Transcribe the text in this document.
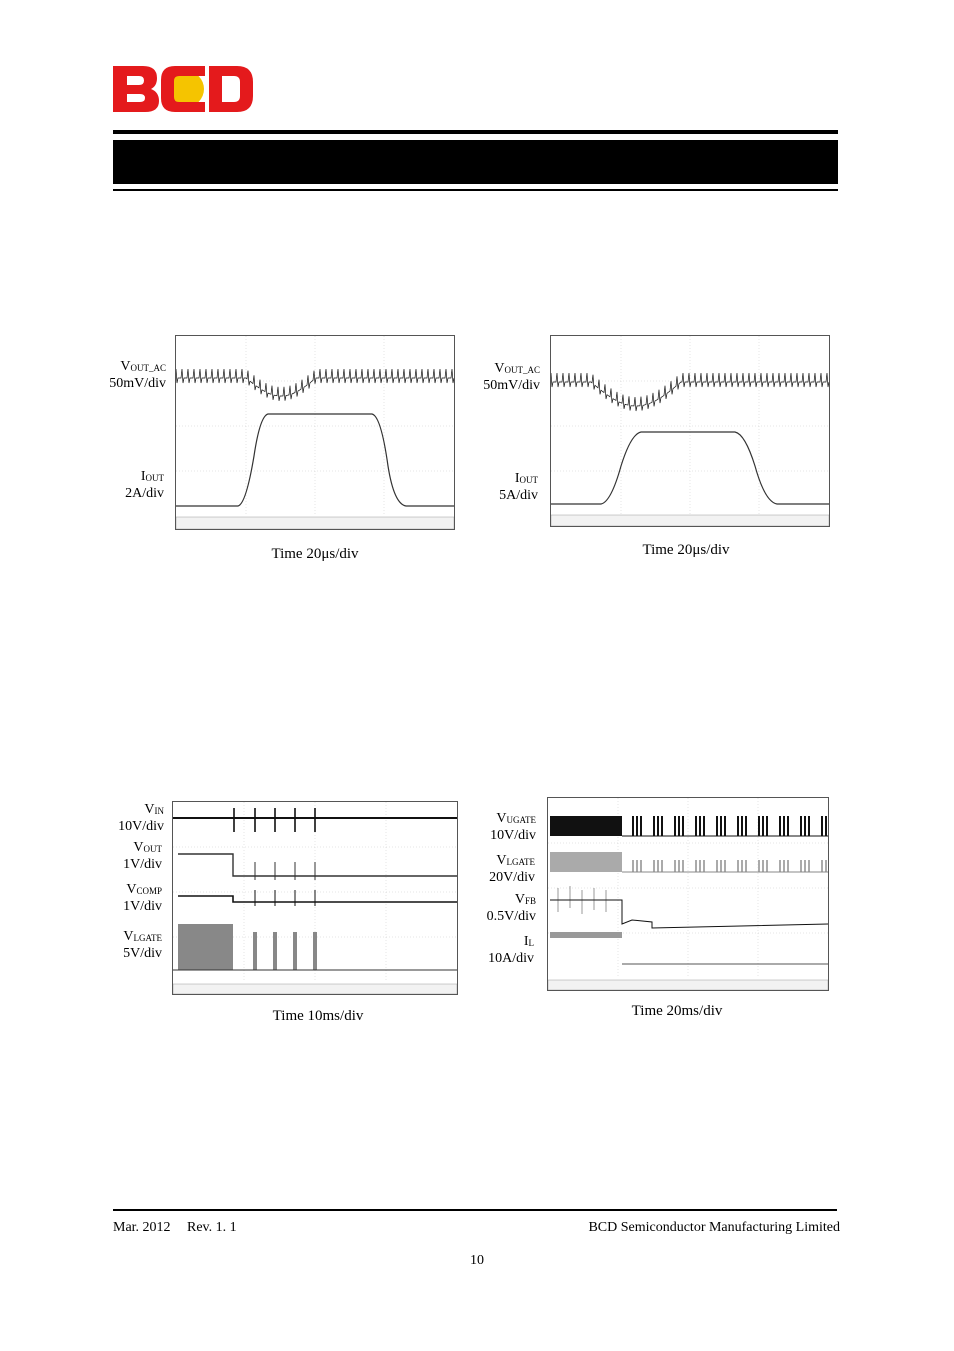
$V_{OUT\_AC}$
50mV/div
$I_{OUT}$
2A/div
Time 20μs/div
$V_{OUT\_AC}$
50mV/div
$I_{OUT}$
5A/div
Time 20μs/div
$V_{IN}$
10V/div
$V_{OUT}$
1V/div
$V_{COMP}$
1V/div
$V_{LGATE}$
5V/div
Time 10ms/div
$V_{UGATE}$
10V/div
$V_{LGATE}$
20V/div
$V_{FB}$
0.5V/div
$I_L$
10A/div
Time 20ms/div
Mar. 2012 Rev. 1. 1	BCD Semiconductor Manufacturing Limited
10
